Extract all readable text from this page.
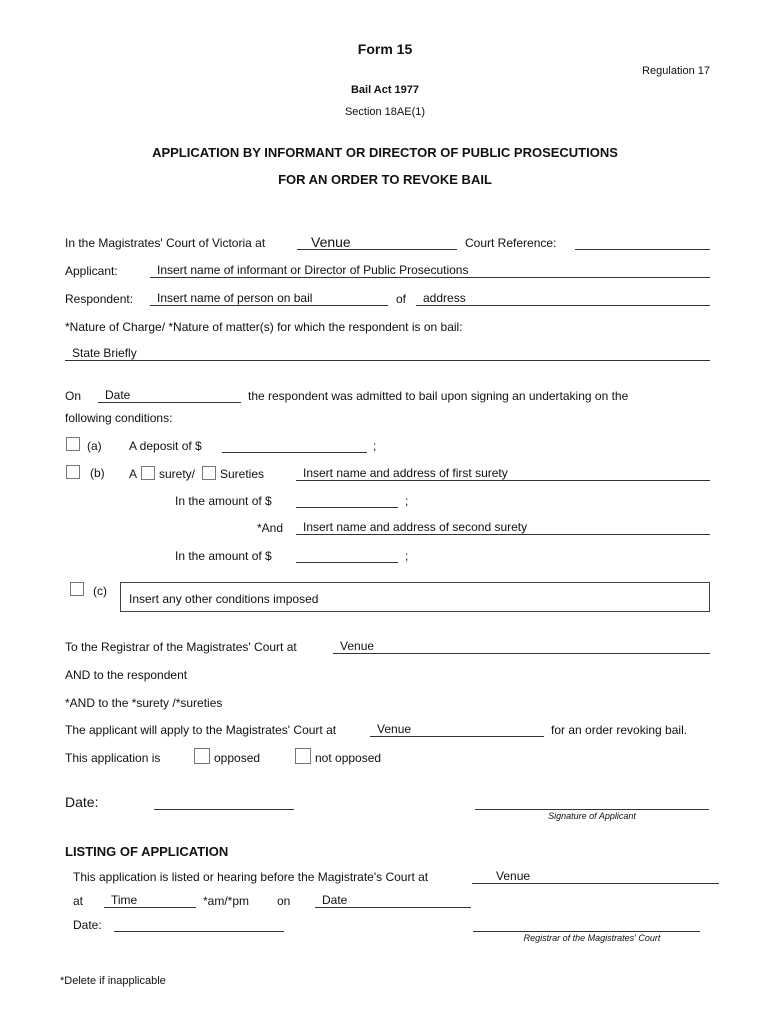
Form 15
Regulation 17
Bail Act 1977
Section 18AE(1)
APPLICATION BY INFORMANT OR DIRECTOR OF PUBLIC PROSECUTIONS
FOR AN ORDER TO REVOKE BAIL
In the Magistrates' Court of Victoria at	Venue	Court Reference:
Applicant:	Insert name of informant or Director of Public Prosecutions
Respondent:	Insert name of person on bail	of	address
*Nature of Charge/ *Nature of matter(s) for which the respondent is on bail:
State Briefly
On	Date	the respondent was admitted to bail upon signing an undertaking on the
following conditions:
(a) A deposit of $	;
(b) A surety/ Sureties	Insert name and address of first surety
In the amount of $	;
*And	Insert name and address of second surety
In the amount of $	;
(c)
Insert any other conditions imposed
To the Registrar of the Magistrates' Court at	Venue
AND to the respondent
*AND to the *surety /*sureties
The applicant will apply to the Magistrates' Court at	Venue	for an order revoking bail.
This application is	opposed	not opposed
Date:
Signature of Applicant
LISTING OF APPLICATION
This application is listed or hearing before the Magistrate's Court at	Venue
at	Time	*am/*pm on	Date
Date:
Registrar of the Magistrates' Court
*Delete if inapplicable
